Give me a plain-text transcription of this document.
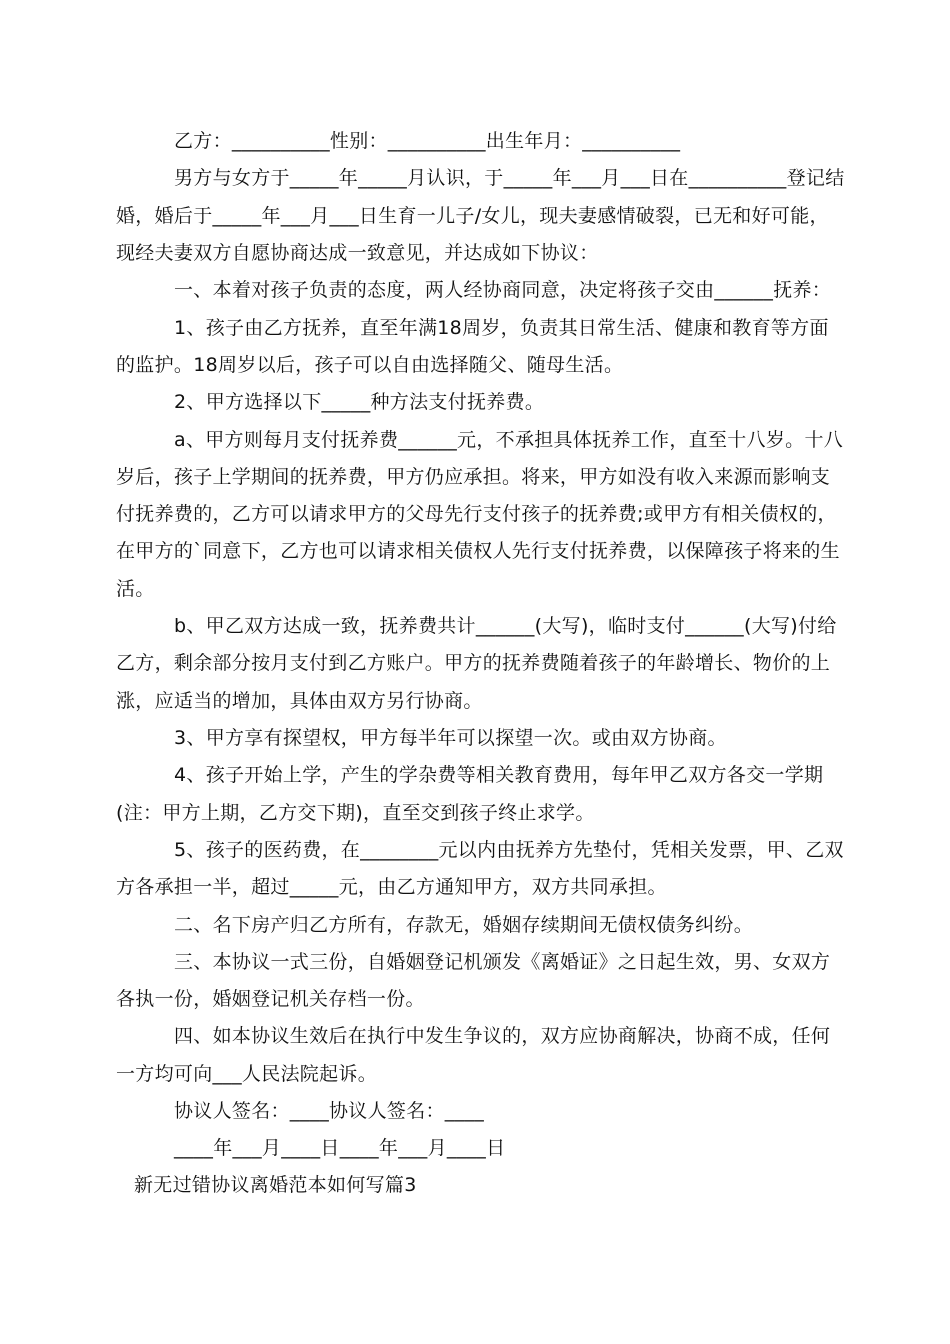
乙方：__________性别：__________出生年月：__________
男方与女方于_____年_____月认识，于_____年___月___日在__________登记结
婚，婚后于_____年___月___日生育一儿子/女儿，现夫妻感情破裂，已无和好可能，
现经夫妻双方自愿协商达成一致意见，并达成如下协议：
一、本着对孩子负责的态度，两人经协商同意，决定将孩子交由______抚养：
1、孩子由乙方抚养，直至年满18周岁，负责其日常生活、健康和教育等方面
的监护。18周岁以后，孩子可以自由选择随父、随母生活。
2、甲方选择以下_____种方法支付抚养费。
a、甲方则每月支付抚养费______元，不承担具体抚养工作，直至十八岁。十八
岁后，孩子上学期间的抚养费，甲方仍应承担。将来，甲方如没有收入来源而影响支
付抚养费的，乙方可以请求甲方的父母先行支付孩子的抚养费;或甲方有相关债权的，
在甲方的`同意下，乙方也可以请求相关债权人先行支付抚养费，以保障孩子将来的生
活。
b、甲乙双方达成一致，抚养费共计______(大写)，临时支付______(大写)付给
乙方，剩余部分按月支付到乙方账户。甲方的抚养费随着孩子的年龄增长、物价的上
涨，应适当的增加，具体由双方另行协商。
3、甲方享有探望权，甲方每半年可以探望一次。或由双方协商。
4、孩子开始上学，产生的学杂费等相关教育费用，每年甲乙双方各交一学期
(注：甲方上期，乙方交下期)，直至交到孩子终止求学。
5、孩子的医药费，在________元以内由抚养方先垫付，凭相关发票，甲、乙双
方各承担一半，超过_____元，由乙方通知甲方，双方共同承担。
二、名下房产归乙方所有，存款无，婚姻存续期间无债权债务纠纷。
三、本协议一式三份，自婚姻登记机颁发《离婚证》之日起生效，男、女双方
各执一份，婚姻登记机关存档一份。
四、如本协议生效后在执行中发生争议的，双方应协商解决，协商不成，任何
一方均可向___人民法院起诉。
协议人签名：____协议人签名：____
____年___月____日____年___月____日
新无过错协议离婚范本如何写篇3
